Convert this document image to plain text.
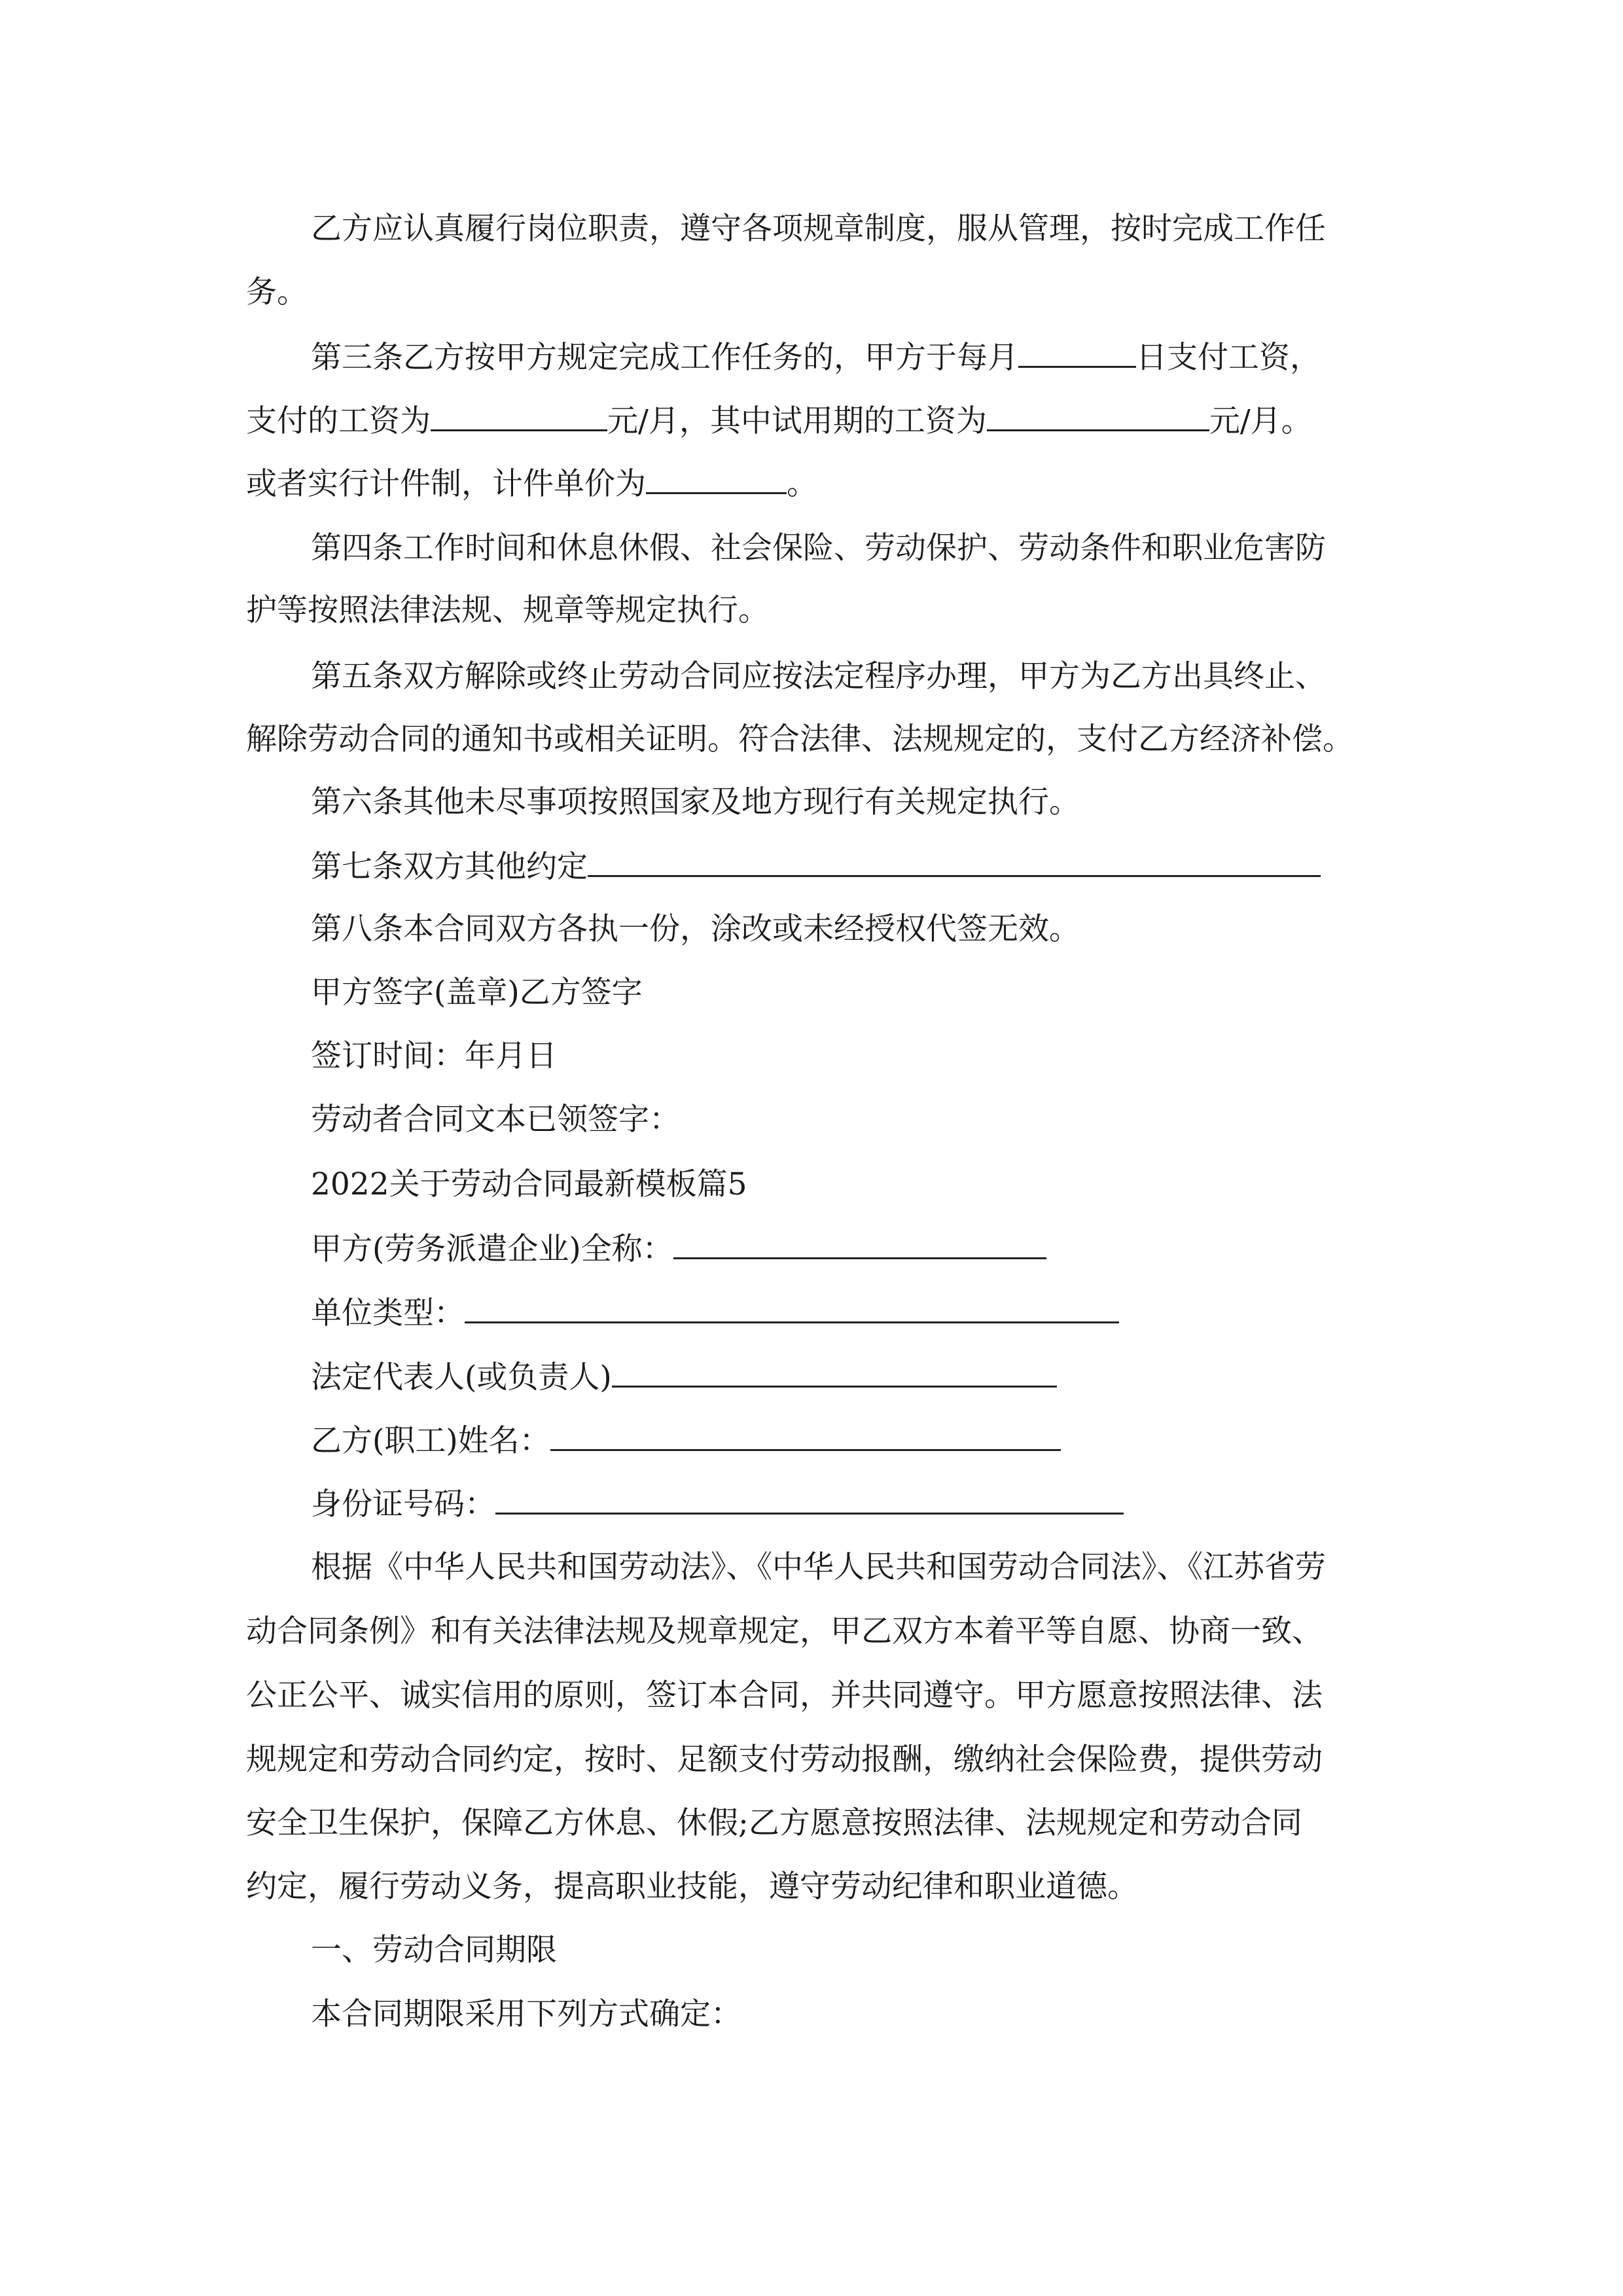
乙方应认真履行岗位职责，遵守各项规章制度，服从管理，按时完成工作任
务。
第三条乙方按甲方规定完成工作任务的，甲方于每月	日支付工资，
支付的工资为	元/月，其中试用期的工资为	元/月。
或者实行计件制，计件单价为	。
第四条工作时间和休息休假、社会保险、劳动保护、劳动条件和职业危害防
护等按照法律法规、规章等规定执行。
第五条双方解除或终止劳动合同应按法定程序办理，甲方为乙方出具终止、
解除劳动合同的通知书或相关证明。符合法律、法规规定的，支付乙方经济补偿。
第六条其他未尽事项按照国家及地方现行有关规定执行。
第七条双方其他约定
第八条本合同双方各执一份，涂改或未经授权代签无效。
甲方签字(盖章)乙方签字
签订时间：年月日
劳动者合同文本已领签字：
2022关于劳动合同最新模板篇5
甲方(劳务派遣企业)全称：
单位类型：
法定代表人(或负责人)
乙方(职工)姓名：
身份证号码：
根据《中华人民共和国劳动法》、《中华人民共和国劳动合同法》、《江苏省劳
动合同条例》和有关法律法规及规章规定，甲乙双方本着平等自愿、协商一致、
公正公平、诚实信用的原则，签订本合同，并共同遵守。甲方愿意按照法律、法
规规定和劳动合同约定，按时、足额支付劳动报酬，缴纳社会保险费，提供劳动
安全卫生保护，保障乙方休息、休假;乙方愿意按照法律、法规规定和劳动合同
约定，履行劳动义务，提高职业技能，遵守劳动纪律和职业道德。
一、劳动合同期限
本合同期限采用下列方式确定：
